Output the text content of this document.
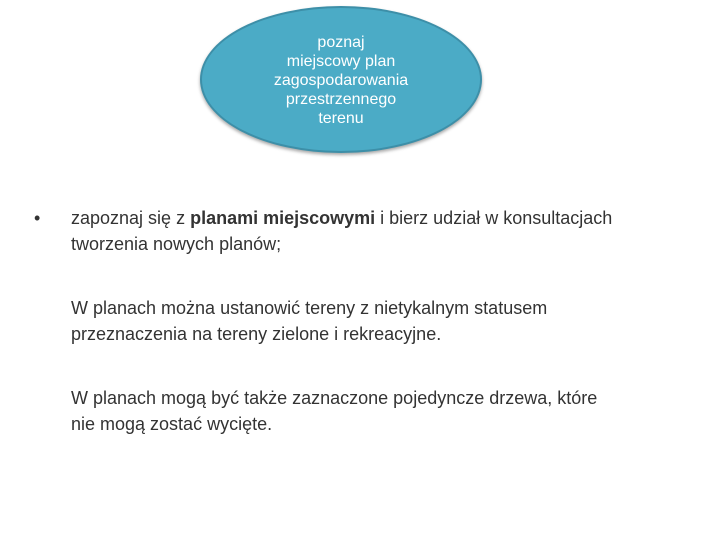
poznaj
miejscowy plan
zagospodarowania
przestrzennego
terenu
• zapoznaj się z planami miejscowymi i bierz udział w konsultacjach
tworzenia nowych planów;
W planach można ustanowić tereny z nietykalnym statusem
przeznaczenia na tereny zielone i rekreacyjne.
W planach mogą być także zaznaczone pojedyncze drzewa, które
nie mogą zostać wycięte.
